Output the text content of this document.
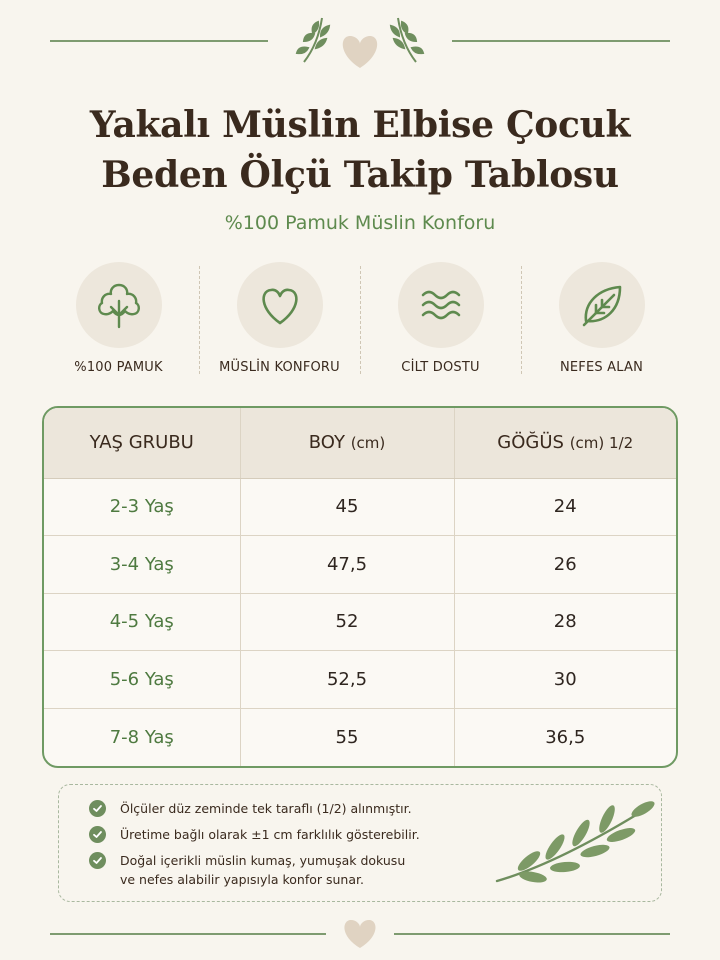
Yakalı Müslin Elbise Çocuk
Beden Ölçü Takip Tablosu
%100 Pamuk Müslin Konforu
%100 PAMUK	MÜSLİN KONFORU	CİLT DOSTU	NEFES ALAN
YAŞ GRUBU	BOY (cm)	GÖĞÜS (cm) 1/2
2-3 Yaş	45	24
3-4 Yaş	47,5	26
4-5 Yaş	52	28
5-6 Yaş	52,5	30
7-8 Yaş	55	36,5
Ölçüler düz zeminde tek taraflı (1/2) alınmıştır.
Üretime bağlı olarak ±1 cm farklılık gösterebilir.
Doğal içerikli müslin kumaş, yumuşak dokusu
ve nefes alabilir yapısıyla konfor sunar.
